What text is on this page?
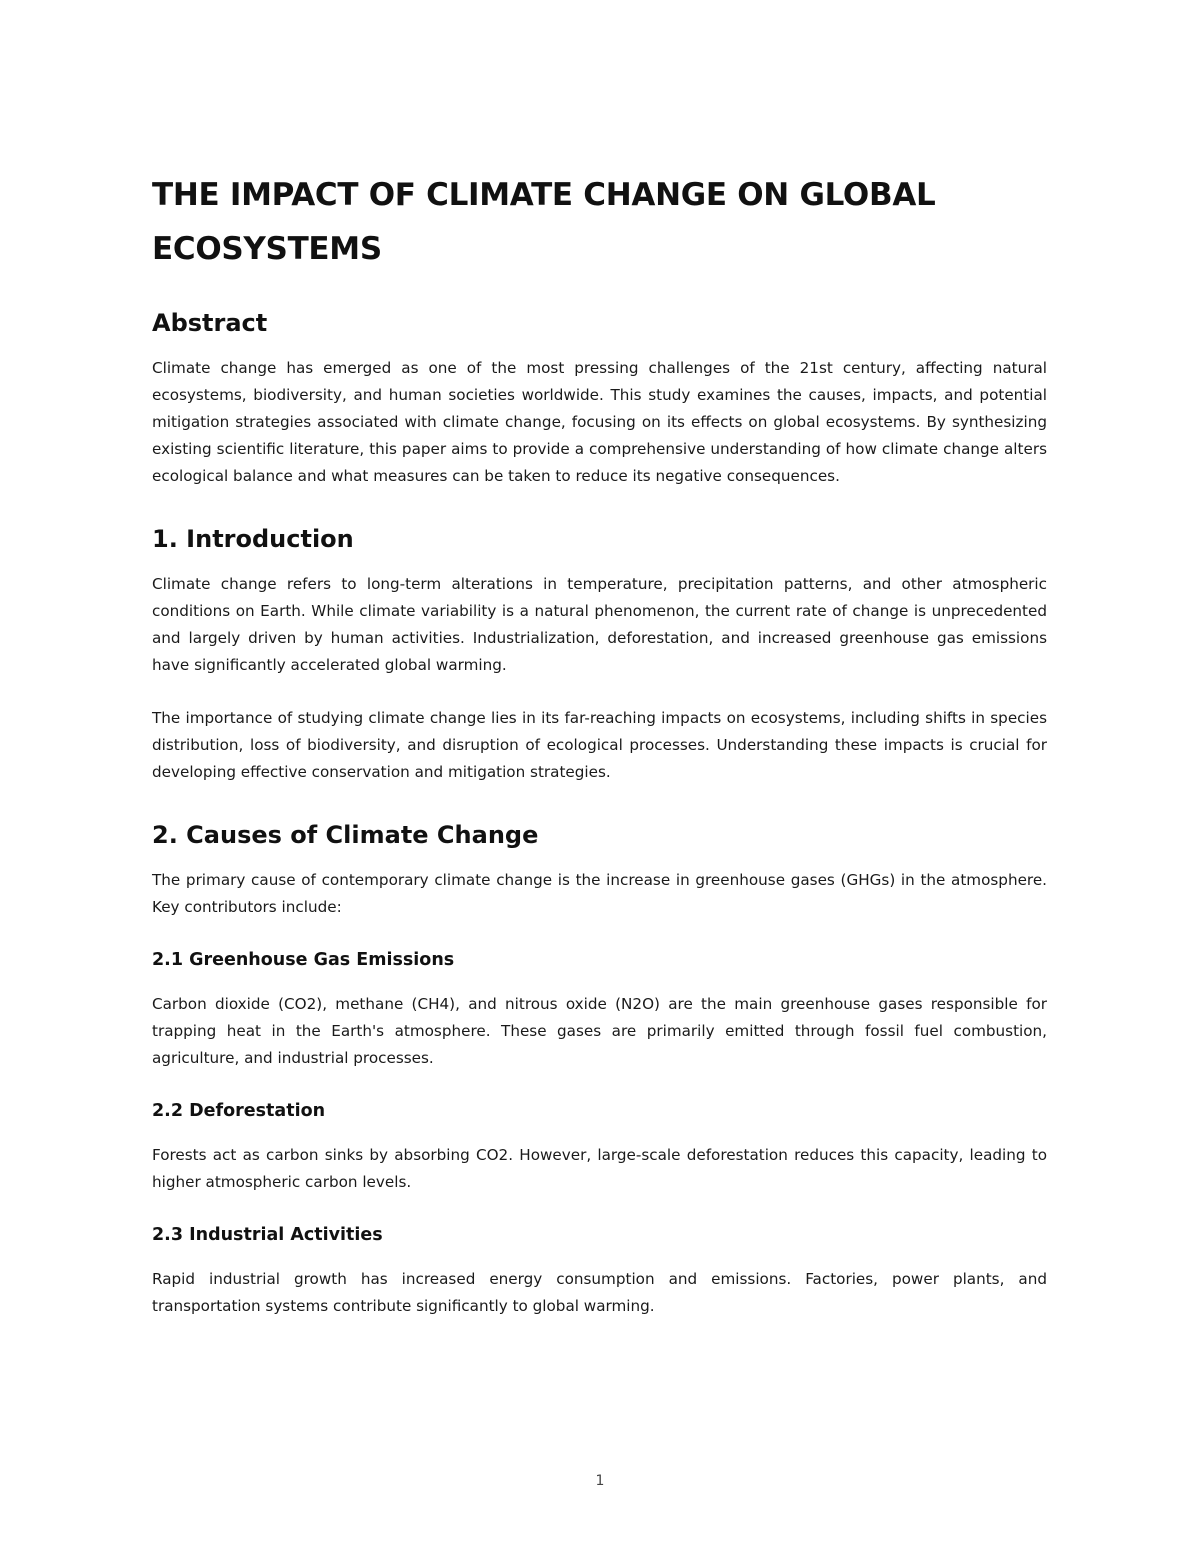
THE IMPACT OF CLIMATE CHANGE ON GLOBAL ECOSYSTEMS
Abstract

Climate change has emerged as one of the most pressing challenges of the 21st century, affecting natural ecosystems, biodiversity, and human societies worldwide. This study examines the causes, impacts, and potential mitigation strategies associated with climate change, focusing on its effects on global ecosystems. By synthesizing existing scientific literature, this paper aims to provide a comprehensive understanding of how climate change alters ecological balance and what measures can be taken to reduce its negative consequences.

1. Introduction

Climate change refers to long-term alterations in temperature, precipitation patterns, and other atmospheric conditions on Earth. While climate variability is a natural phenomenon, the current rate of change is unprecedented and largely driven by human activities. Industrialization, deforestation, and increased greenhouse gas emissions have significantly accelerated global warming.

The importance of studying climate change lies in its far-reaching impacts on ecosystems, including shifts in species distribution, loss of biodiversity, and disruption of ecological processes. Understanding these impacts is crucial for developing effective conservation and mitigation strategies.

2. Causes of Climate Change

The primary cause of contemporary climate change is the increase in greenhouse gases (GHGs) in the atmosphere. Key contributors include:

2.1 Greenhouse Gas Emissions

Carbon dioxide (CO2), methane (CH4), and nitrous oxide (N2O) are the main greenhouse gases responsible for trapping heat in the Earth's atmosphere. These gases are primarily emitted through fossil fuel combustion, agriculture, and industrial processes.

2.2 Deforestation

Forests act as carbon sinks by absorbing CO2. However, large-scale deforestation reduces this capacity, leading to higher atmospheric carbon levels.

2.3 Industrial Activities

Rapid industrial growth has increased energy consumption and emissions. Factories, power plants, and transportation systems contribute significantly to global warming.

1
